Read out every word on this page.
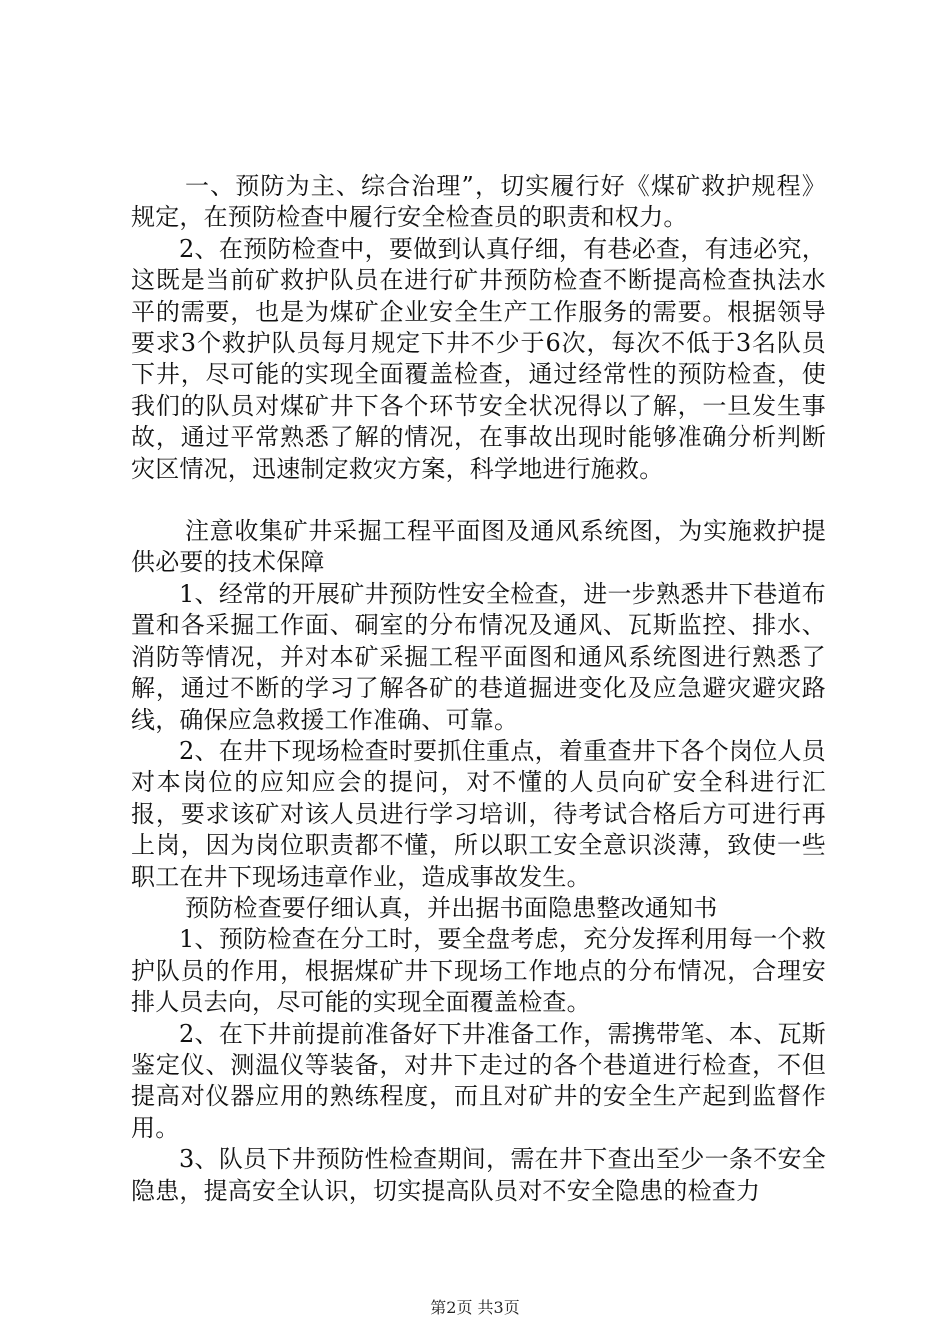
一、预防为主、综合治理”，切实履行好《煤矿救护规程》规定，在预防检查中履行安全检查员的职责和权力。

2、在预防检查中，要做到认真仔细，有巷必查，有违必究，这既是当前矿救护队员在进行矿井预防检查不断提高检查执法水平的需要，也是为煤矿企业安全生产工作服务的需要。根据领导要求3个救护队员每月规定下井不少于6次，每次不低于3名队员下井，尽可能的实现全面覆盖检查，通过经常性的预防检查，使我们的队员对煤矿井下各个环节安全状况得以了解，一旦发生事故，通过平常熟悉了解的情况，在事故出现时能够准确分析判断灾区情况，迅速制定救灾方案，科学地进行施救。

注意收集矿井采掘工程平面图及通风系统图，为实施救护提供必要的技术保障

1、经常的开展矿井预防性安全检查，进一步熟悉井下巷道布置和各采掘工作面、硐室的分布情况及通风、瓦斯监控、排水、消防等情况，并对本矿采掘工程平面图和通风系统图进行熟悉了解，通过不断的学习了解各矿的巷道掘进变化及应急避灾避灾路线，确保应急救援工作准确、可靠。

2、在井下现场检查时要抓住重点，着重查井下各个岗位人员对本岗位的应知应会的提问，对不懂的人员向矿安全科进行汇报，要求该矿对该人员进行学习培训，待考试合格后方可进行再上岗，因为岗位职责都不懂，所以职工安全意识淡薄，致使一些职工在井下现场违章作业，造成事故发生。

预防检查要仔细认真，并出据书面隐患整改通知书

1、预防检查在分工时，要全盘考虑，充分发挥利用每一个救护队员的作用，根据煤矿井下现场工作地点的分布情况，合理安排人员去向，尽可能的实现全面覆盖检查。

2、在下井前提前准备好下井准备工作，需携带笔、本、瓦斯鉴定仪、测温仪等装备，对井下走过的各个巷道进行检查，不但提高对仪器应用的熟练程度，而且对矿井的安全生产起到监督作用。

3、队员下井预防性检查期间，需在井下查出至少一条不安全隐患，提高安全认识，切实提高队员对不安全隐患的检查力

第2页 共3页
